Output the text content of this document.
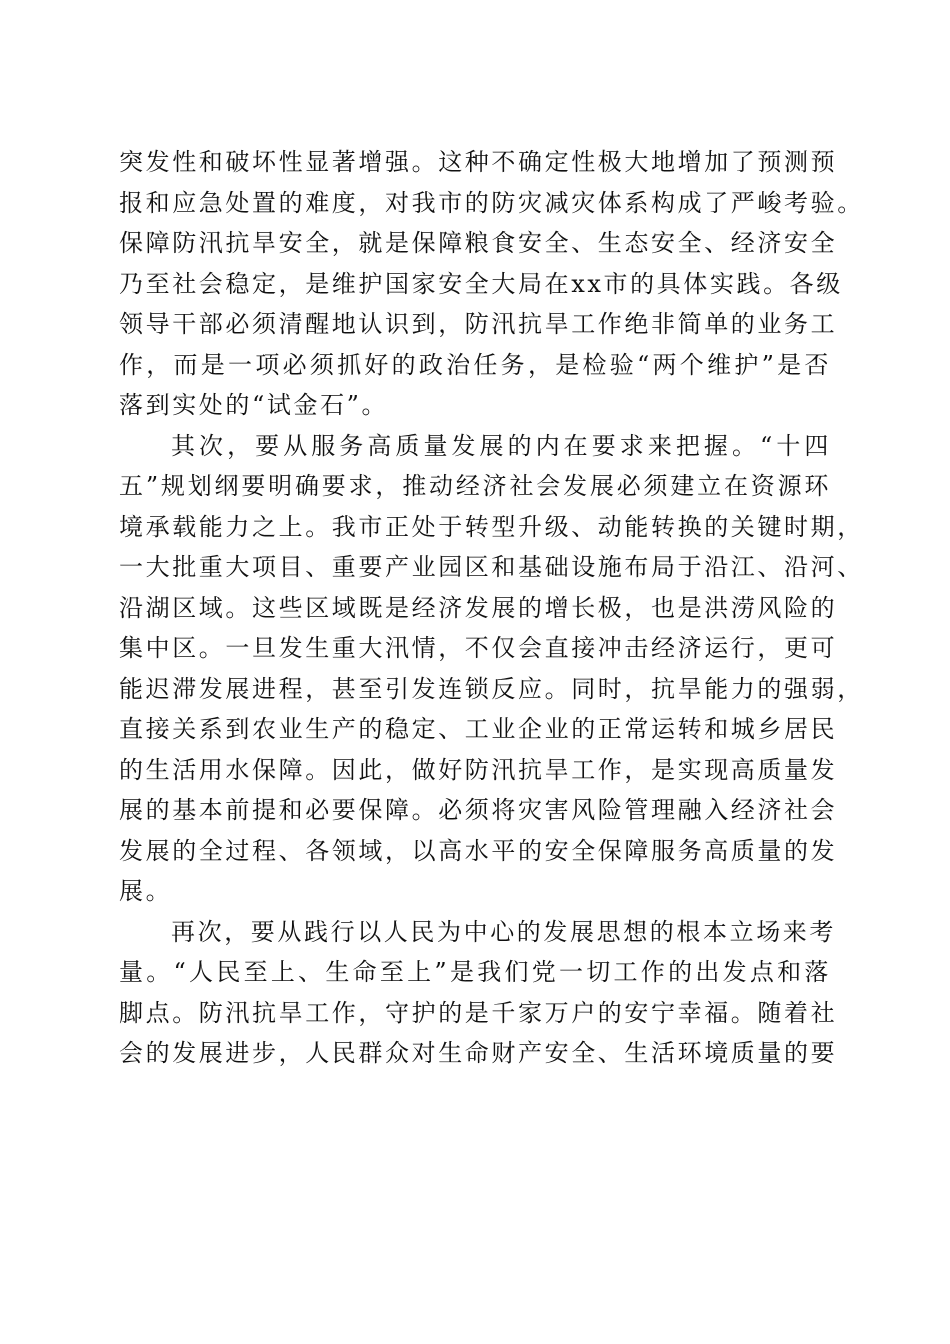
突发性和破坏性显著增强。这种不确定性极大地增加了预测预
报和应急处置的难度，对我市的防灾减灾体系构成了严峻考验。
保障防汛抗旱安全，就是保障粮食安全、生态安全、经济安全
乃至社会稳定，是维护国家安全大局在xx市的具体实践。各级
领导干部必须清醒地认识到，防汛抗旱工作绝非简单的业务工
作，而是一项必须抓好的政治任务，是检验“两个维护”是否
落到实处的“试金石”。
其次，要从服务高质量发展的内在要求来把握。“十四
五”规划纲要明确要求，推动经济社会发展必须建立在资源环
境承载能力之上。我市正处于转型升级、动能转换的关键时期，
一大批重大项目、重要产业园区和基础设施布局于沿江、沿河、
沿湖区域。这些区域既是经济发展的增长极，也是洪涝风险的
集中区。一旦发生重大汛情，不仅会直接冲击经济运行，更可
能迟滞发展进程，甚至引发连锁反应。同时，抗旱能力的强弱，
直接关系到农业生产的稳定、工业企业的正常运转和城乡居民
的生活用水保障。因此，做好防汛抗旱工作，是实现高质量发
展的基本前提和必要保障。必须将灾害风险管理融入经济社会
发展的全过程、各领域，以高水平的安全保障服务高质量的发
展。
再次，要从践行以人民为中心的发展思想的根本立场来考
量。“人民至上、生命至上”是我们党一切工作的出发点和落
脚点。防汛抗旱工作，守护的是千家万户的安宁幸福。随着社
会的发展进步，人民群众对生命财产安全、生活环境质量的要
